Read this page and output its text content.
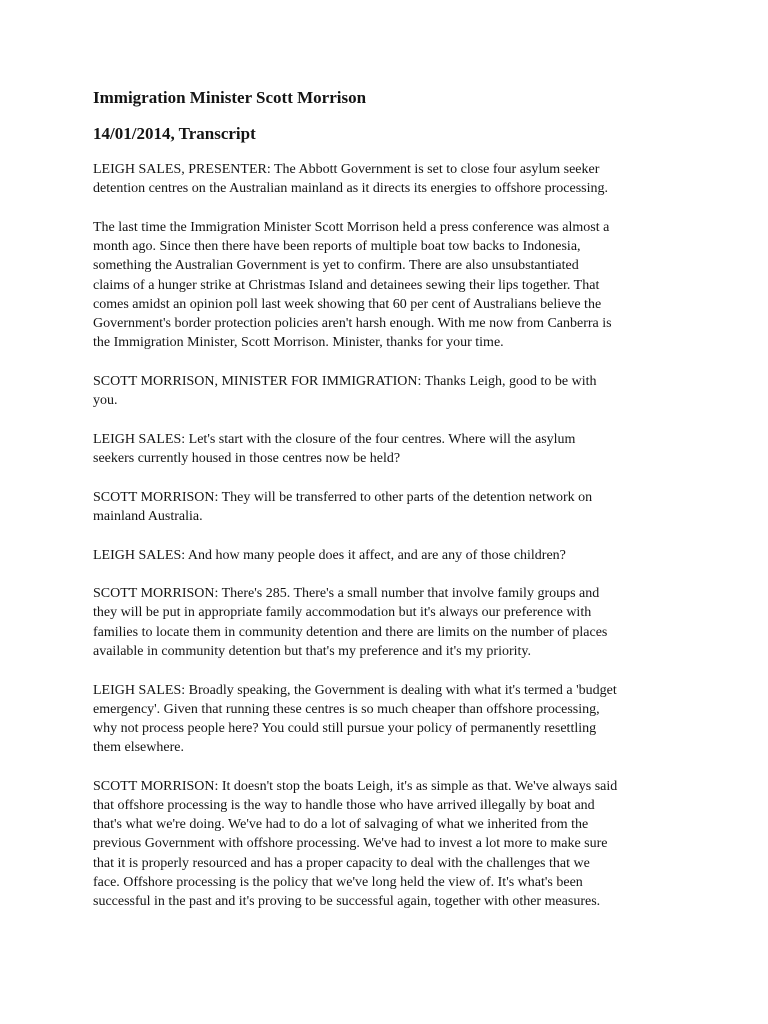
Immigration Minister Scott Morrison
14/01/2014, Transcript

LEIGH SALES, PRESENTER: The Abbott Government is set to close four asylum seeker
detention centres on the Australian mainland as it directs its energies to offshore processing.

The last time the Immigration Minister Scott Morrison held a press conference was almost a
month ago. Since then there have been reports of multiple boat tow backs to Indonesia,
something the Australian Government is yet to confirm. There are also unsubstantiated
claims of a hunger strike at Christmas Island and detainees sewing their lips together. That
comes amidst an opinion poll last week showing that 60 per cent of Australians believe the
Government's border protection policies aren't harsh enough. With me now from Canberra is
the Immigration Minister, Scott Morrison. Minister, thanks for your time.

SCOTT MORRISON, MINISTER FOR IMMIGRATION: Thanks Leigh, good to be with
you.

LEIGH SALES: Let's start with the closure of the four centres. Where will the asylum
seekers currently housed in those centres now be held?

SCOTT MORRISON: They will be transferred to other parts of the detention network on
mainland Australia.

LEIGH SALES: And how many people does it affect, and are any of those children?

SCOTT MORRISON: There's 285. There's a small number that involve family groups and
they will be put in appropriate family accommodation but it's always our preference with
families to locate them in community detention and there are limits on the number of places
available in community detention but that's my preference and it's my priority.

LEIGH SALES: Broadly speaking, the Government is dealing with what it's termed a 'budget
emergency'. Given that running these centres is so much cheaper than offshore processing,
why not process people here? You could still pursue your policy of permanently resettling
them elsewhere.

SCOTT MORRISON: It doesn't stop the boats Leigh, it's as simple as that. We've always said
that offshore processing is the way to handle those who have arrived illegally by boat and
that's what we're doing. We've had to do a lot of salvaging of what we inherited from the
previous Government with offshore processing. We've had to invest a lot more to make sure
that it is properly resourced and has a proper capacity to deal with the challenges that we
face. Offshore processing is the policy that we've long held the view of. It's what's been
successful in the past and it's proving to be successful again, together with other measures.
